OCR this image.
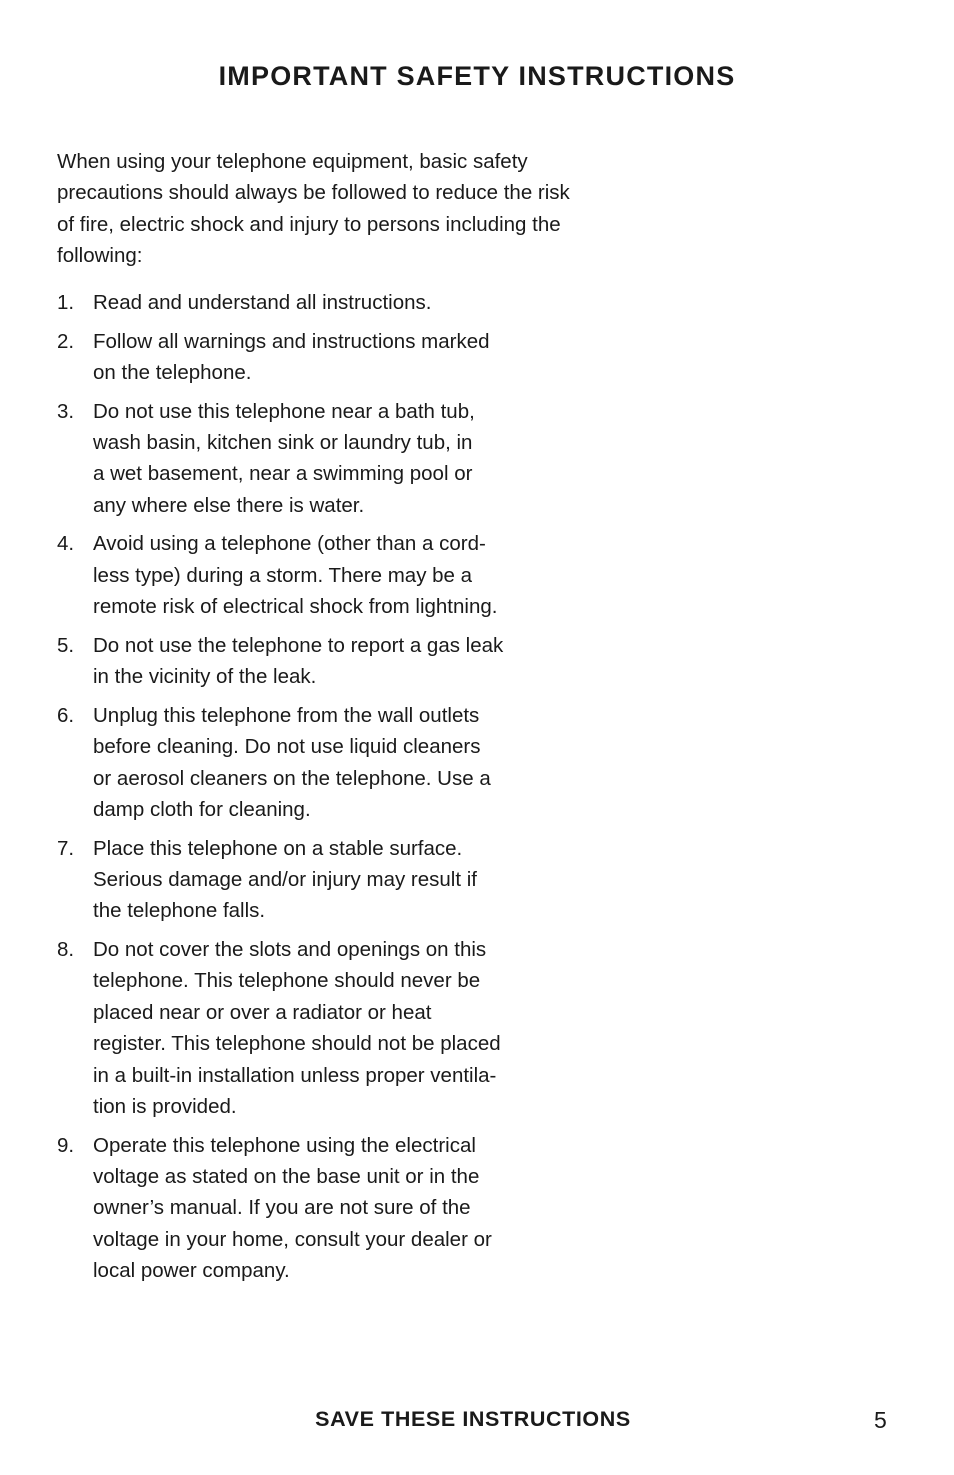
IMPORTANT SAFETY INSTRUCTIONS

When using your telephone equipment, basic safety precautions should always be followed to reduce the risk of fire, electric shock and injury to persons including the following:

1. Read and understand all instructions.
2. Follow all warnings and instructions marked
on the telephone.
3. Do not use this telephone near a bath tub,
wash basin, kitchen sink or laundry tub, in
a wet basement, near a swimming pool or
any where else there is water.
4. Avoid using a telephone (other than a cord-
less type) during a storm. There may be a
remote risk of electrical shock from lightning.
5. Do not use the telephone to report a gas leak
in the vicinity of the leak.
6. Unplug this telephone from the wall outlets
before cleaning. Do not use liquid cleaners
or aerosol cleaners on the telephone. Use a
damp cloth for cleaning.
7. Place this telephone on a stable surface.
Serious damage and/or injury may result if
the telephone falls.
8. Do not cover the slots and openings on this
telephone. This telephone should never be
placed near or over a radiator or heat
register. This telephone should not be placed
in a built-in installation unless proper ventila-
tion is provided.
9. Operate this telephone using the electrical
voltage as stated on the base unit or in the
owner’s manual. If you are not sure of the
voltage in your home, consult your dealer or
local power company.

SAVE THESE INSTRUCTIONS	5
